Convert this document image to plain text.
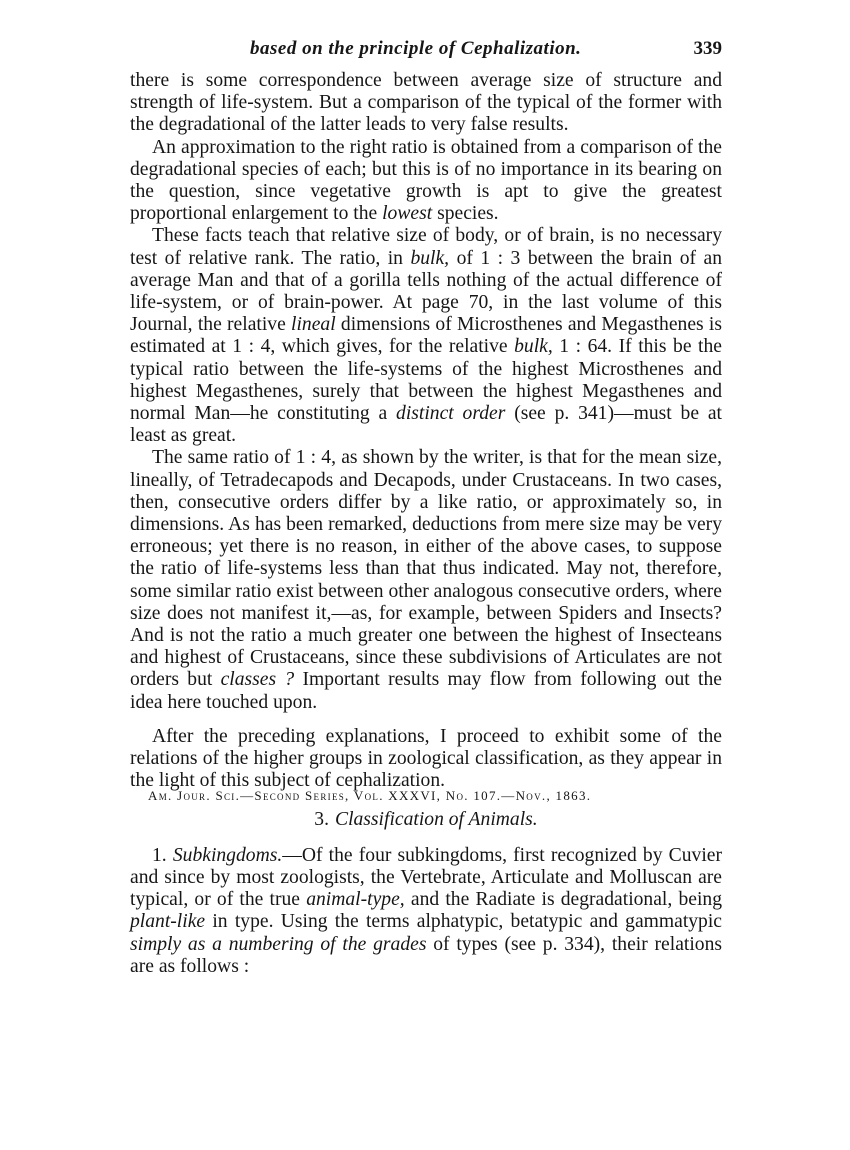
based on the principle of Cephalization.	339

there is some correspondence between average size of structure and strength of life-system. But a comparison of the typical of the former with the degradational of the latter leads to very false results.

An approximation to the right ratio is obtained from a comparison of the degradational species of each; but this is of no importance in its bearing on the question, since vegetative growth is apt to give the greatest proportional enlargement to the lowest species.

These facts teach that relative size of body, or of brain, is no necessary test of relative rank. The ratio, in bulk, of 1 : 3 between the brain of an average Man and that of a gorilla tells nothing of the actual difference of life-system, or of brain-power. At page 70, in the last volume of this Journal, the relative lineal dimensions of Microsthenes and Megasthenes is estimated at 1 : 4, which gives, for the relative bulk, 1 : 64. If this be the typical ratio between the life-systems of the highest Microsthenes and highest Megasthenes, surely that between the highest Megasthenes and normal Man—he constituting a distinct order (see p. 341)—must be at least as great.

The same ratio of 1 : 4, as shown by the writer, is that for the mean size, lineally, of Tetradecapods and Decapods, under Crustaceans. In two cases, then, consecutive orders differ by a like ratio, or approximately so, in dimensions. As has been remarked, deductions from mere size may be very erroneous; yet there is no reason, in either of the above cases, to suppose the ratio of life-systems less than that thus indicated. May not, therefore, some similar ratio exist between other analogous consecutive orders, where size does not manifest it,—as, for example, between Spiders and Insects? And is not the ratio a much greater one between the highest of Insecteans and highest of Crustaceans, since these subdivisions of Articulates are not orders but classes ? Important results may flow from following out the idea here touched upon.

After the preceding explanations, I proceed to exhibit some of the relations of the higher groups in zoological classification, as they appear in the light of this subject of cephalization.

3. Classification of Animals.

1. Subkingdoms.—Of the four subkingdoms, first recognized by Cuvier and since by most zoologists, the Vertebrate, Articulate and Molluscan are typical, or of the true animal-type, and the Radiate is degradational, being plant-like in type. Using the terms alphatypic, betatypic and gammatypic simply as a numbering of the grades of types (see p. 334), their relations are as follows :

Am. Jour. Sci.—Second Series, Vol. XXXVI, No. 107.—Nov., 1863.
